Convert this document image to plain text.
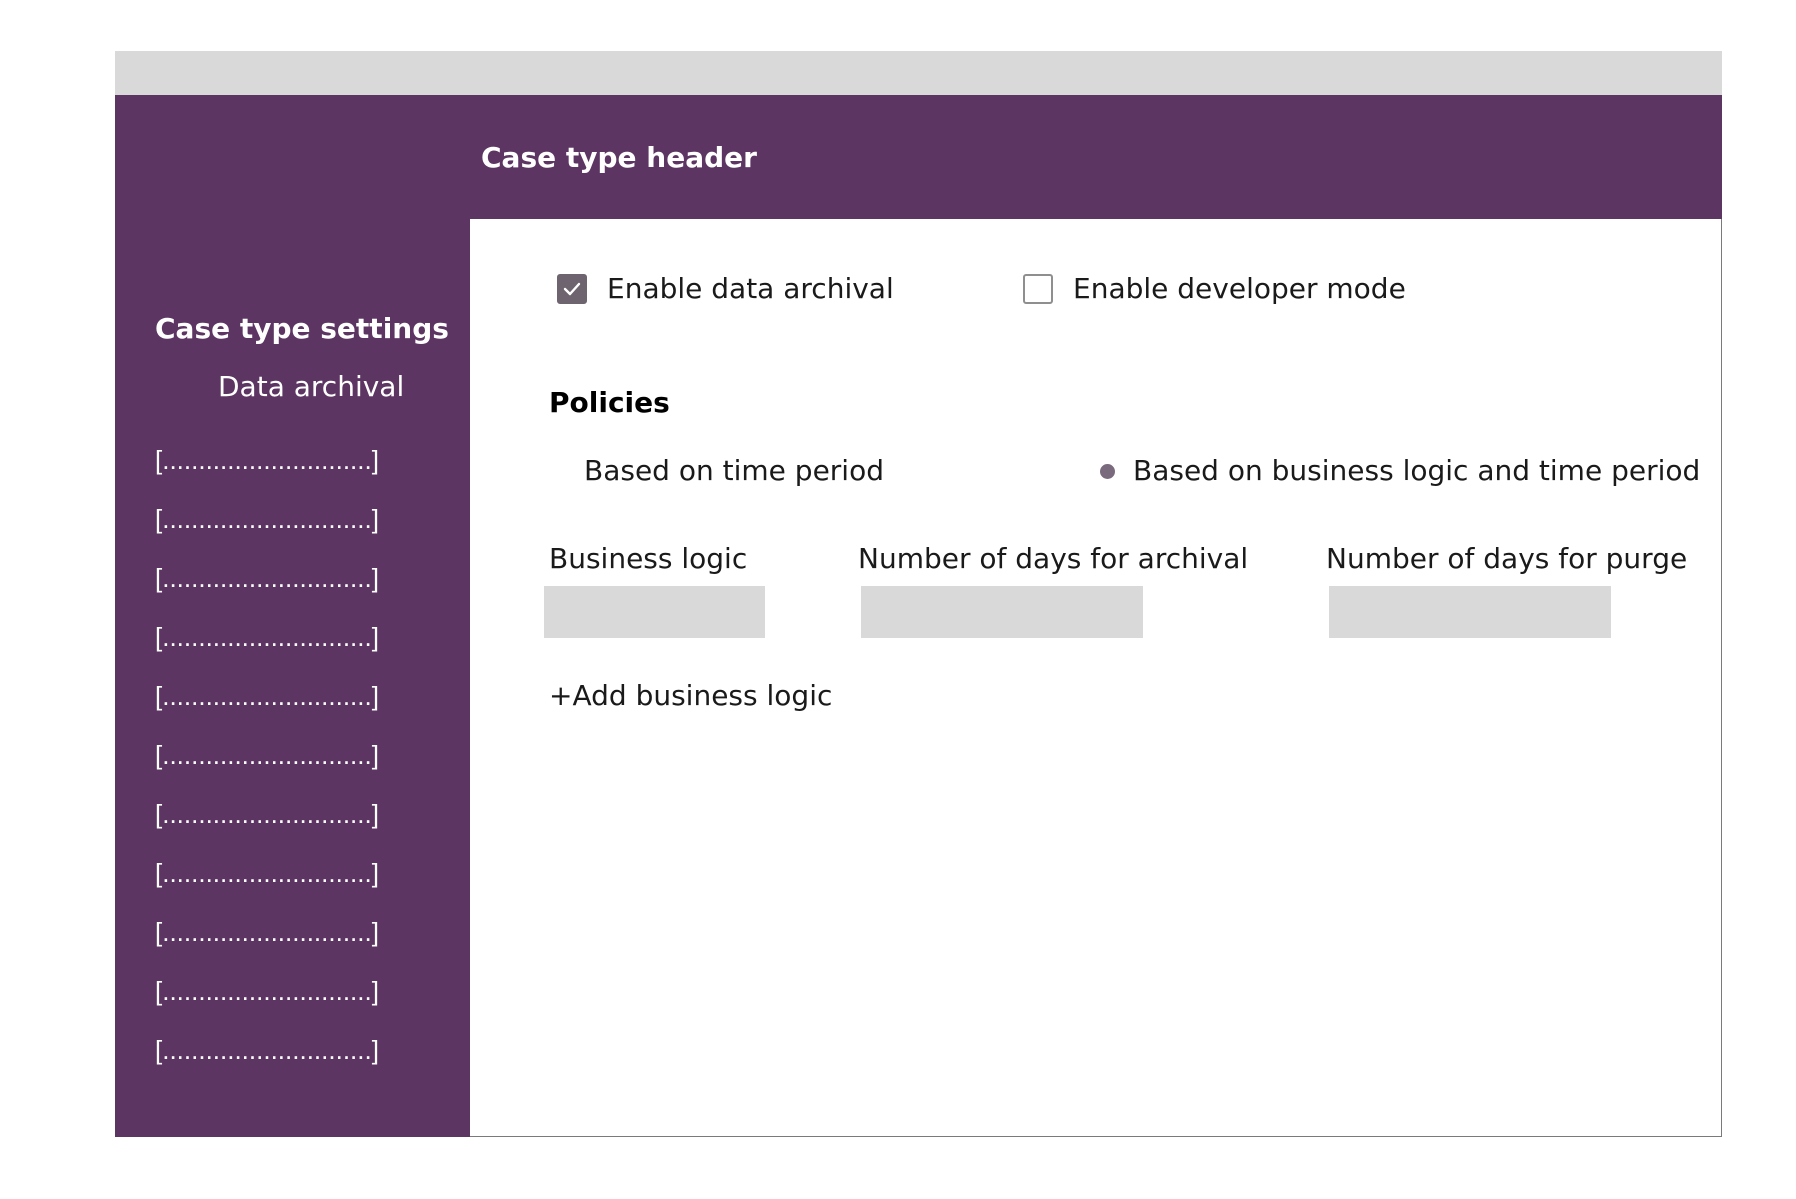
Case type header
Case type settings
Data archival
[.............................]
[.............................]
[.............................]
[.............................]
[.............................]
[.............................]
[.............................]
[.............................]
[.............................]
[.............................]
[.............................]
Enable data archival	Enable developer mode
Policies
Based on time period	Based on business logic and time period
Business logic	Number of days for archival	Number of days for purge
+Add business logic
